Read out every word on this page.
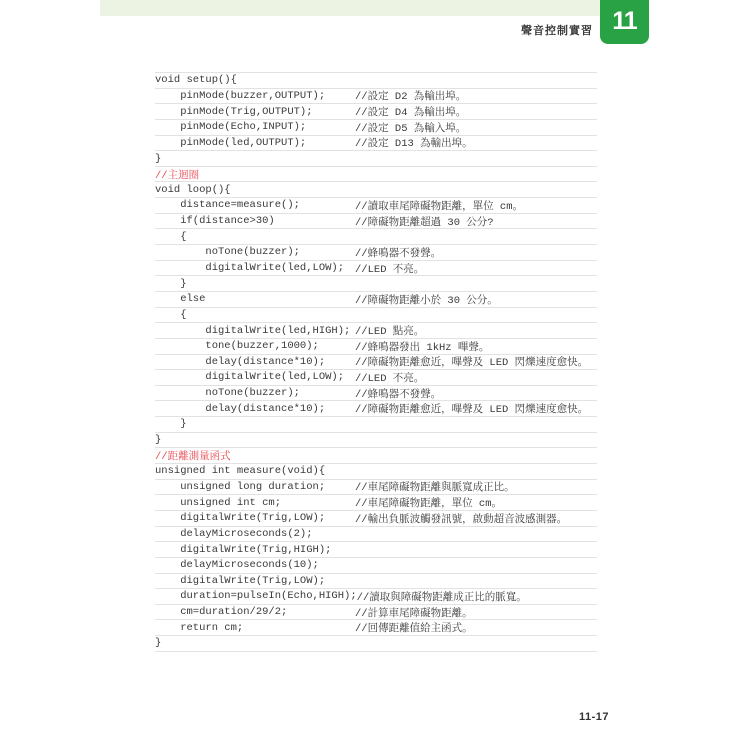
11
聲音控制實習
void setup(){
pinMode(buzzer,OUTPUT);	//設定 D2 為輸出埠。
pinMode(Trig,OUTPUT);	//設定 D4 為輸出埠。
pinMode(Echo,INPUT);	//設定 D5 為輸入埠。
pinMode(led,OUTPUT);	//設定 D13 為輸出埠。
}
//主迴圈
void loop(){
distance=measure();	//讀取車尾障礙物距離，單位 cm。
if(distance>30)	//障礙物距離超過 30 公分?
{
noTone(buzzer);	//蜂鳴器不發聲。
digitalWrite(led,LOW);	//LED 不亮。
}
else	//障礙物距離小於 30 公分。
{
digitalWrite(led,HIGH); //LED 點亮。
tone(buzzer,1000);	//蜂鳴器發出 1kHz 嗶聲。
delay(distance*10);	//障礙物距離愈近，嗶聲及 LED 閃爍速度愈快。
digitalWrite(led,LOW);	//LED 不亮。
noTone(buzzer);	//蜂鳴器不發聲。
delay(distance*10);	//障礙物距離愈近，嗶聲及 LED 閃爍速度愈快。
}
}
//距離測量函式
unsigned int measure(void){
unsigned long duration;	//車尾障礙物距離與脈寬成正比。
unsigned int cm;	//車尾障礙物距離，單位 cm。
digitalWrite(Trig,LOW);	//輸出負脈波觸發訊號，啟動超音波感測器。
delayMicroseconds(2);
digitalWrite(Trig,HIGH);
delayMicroseconds(10);
digitalWrite(Trig,LOW);
duration=pulseIn(Echo,HIGH); //讀取與障礙物距離成正比的脈寬。
cm=duration/29/2;	//計算車尾障礙物距離。
return cm;	//回傳距離值給主函式。
}
11-17
